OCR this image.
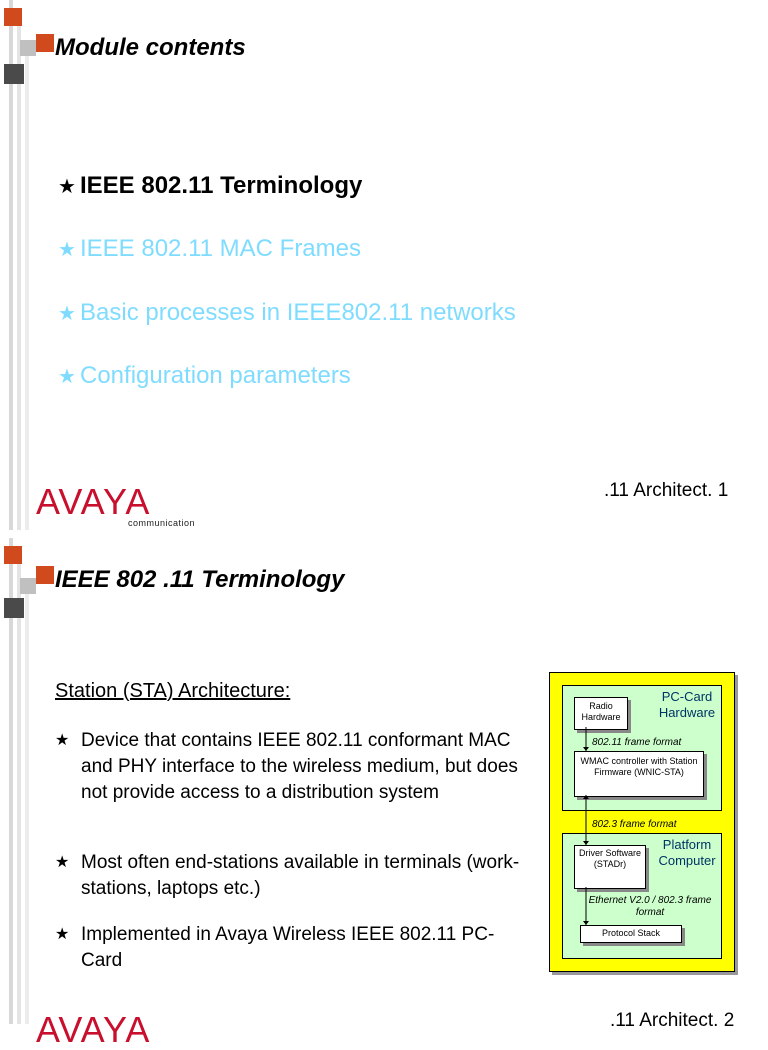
Module contents
★ IEEE 802.11 Terminology
★ IEEE 802.11 MAC Frames
★ Basic processes in IEEE802.11 networks
★ Configuration parameters
AVAYA
communication
.11 Architect. 1
IEEE 802 .11 Terminology
Station (STA) Architecture:
★ Device that contains IEEE 802.11 conformant MAC and PHY interface to the wireless medium, but does not provide access to a distribution system
★ Most often end-stations available in terminals (work-stations, laptops etc.)
★ Implemented in Avaya Wireless IEEE 802.11 PC-Card
AVAYA	.11 Architect. 2
PC-Card Hardware
Radio Hardware
802.11 frame format
WMAC controller with Station Firmware (WNIC-STA)
802.3 frame format
Platform Computer
Driver Software (STADr)
Ethernet V2.0 / 802.3 frame format
Protocol Stack
